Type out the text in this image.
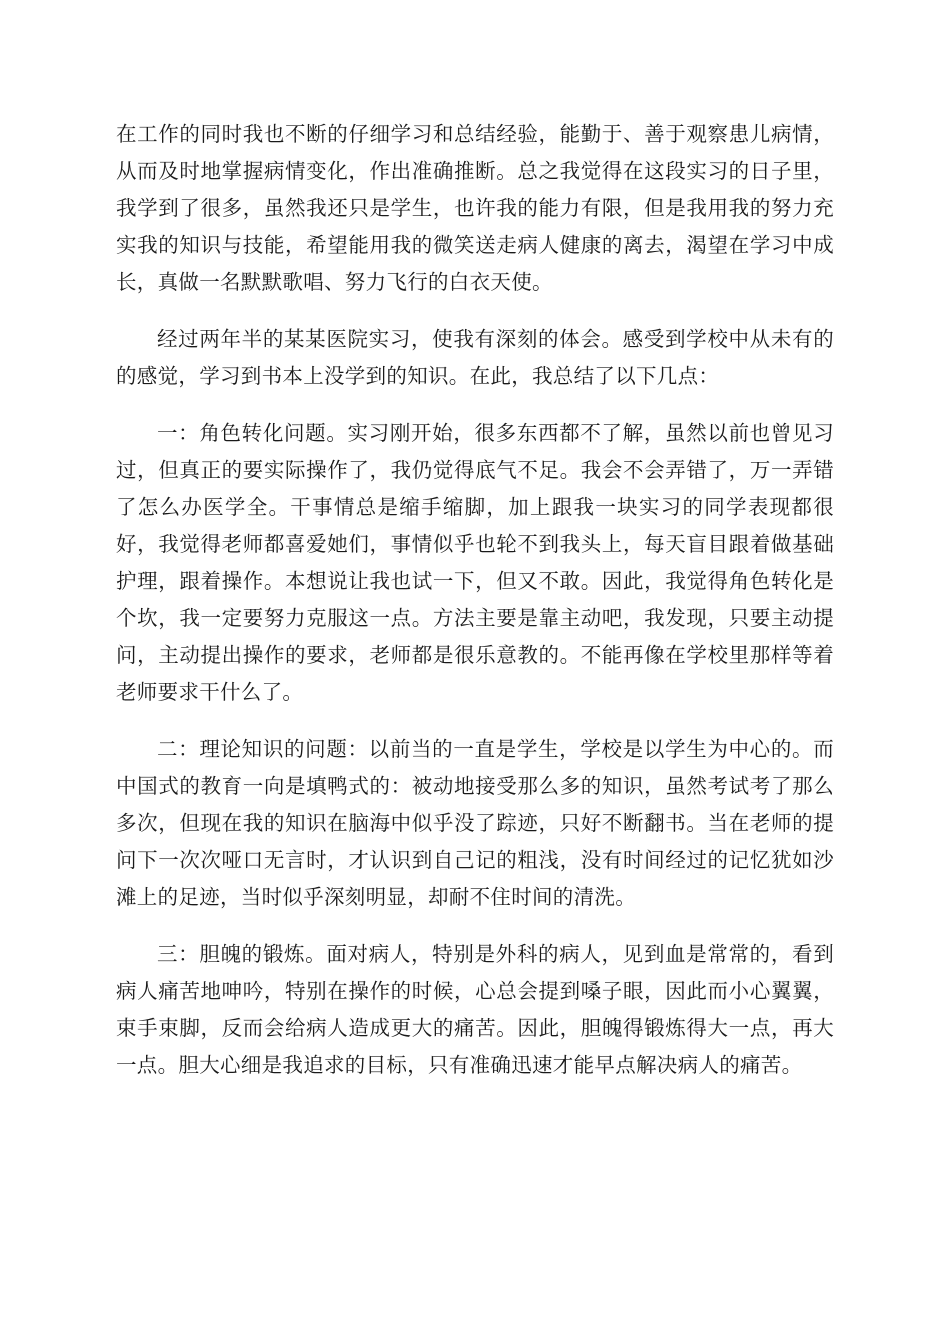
在工作的同时我也不断的仔细学习和总结经验，能勤于、善于观察患儿病情，从而及时地掌握病情变化，作出准确推断。总之我觉得在这段实习的日子里，我学到了很多，虽然我还只是学生，也许我的能力有限，但是我用我的努力充实我的知识与技能，希望能用我的微笑送走病人健康的离去，渴望在学习中成长，真做一名默默歌唱、努力飞行的白衣天使。

经过两年半的某某医院实习，使我有深刻的体会。感受到学校中从未有的的感觉，学习到书本上没学到的知识。在此，我总结了以下几点：

一：角色转化问题。实习刚开始，很多东西都不了解，虽然以前也曾见习过，但真正的要实际操作了，我仍觉得底气不足。我会不会弄错了，万一弄错了怎么办医学全。干事情总是缩手缩脚，加上跟我一块实习的同学表现都很好，我觉得老师都喜爱她们，事情似乎也轮不到我头上，每天盲目跟着做基础护理，跟着操作。本想说让我也试一下，但又不敢。因此，我觉得角色转化是个坎，我一定要努力克服这一点。方法主要是靠主动吧，我发现，只要主动提问，主动提出操作的要求，老师都是很乐意教的。不能再像在学校里那样等着老师要求干什么了。

二：理论知识的问题：以前当的一直是学生，学校是以学生为中心的。而中国式的教育一向是填鸭式的：被动地接受那么多的知识，虽然考试考了那么多次，但现在我的知识在脑海中似乎没了踪迹，只好不断翻书。当在老师的提问下一次次哑口无言时，才认识到自己记的粗浅，没有时间经过的记忆犹如沙滩上的足迹，当时似乎深刻明显，却耐不住时间的清洗。

三：胆魄的锻炼。面对病人，特别是外科的病人，见到血是常常的，看到病人痛苦地呻吟，特别在操作的时候，心总会提到嗓子眼，因此而小心翼翼，束手束脚，反而会给病人造成更大的痛苦。因此，胆魄得锻炼得大一点，再大一点。胆大心细是我追求的目标，只有准确迅速才能早点解决病人的痛苦。
